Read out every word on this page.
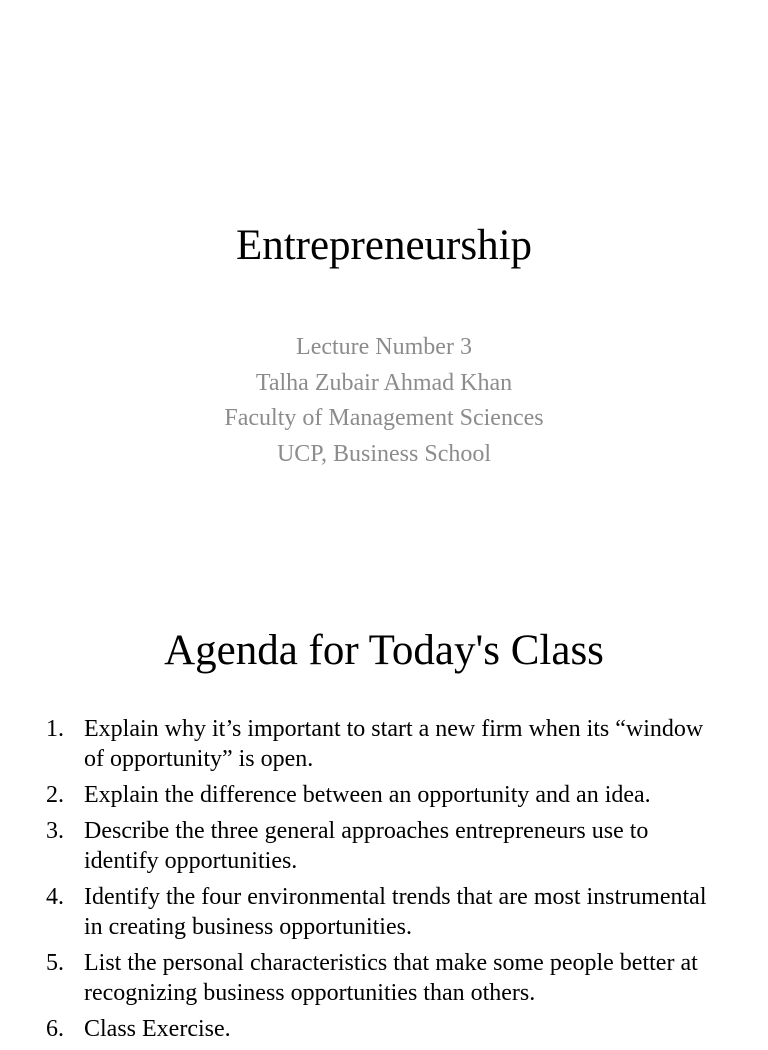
Entrepreneurship
Lecture Number 3
Talha Zubair Ahmad Khan
Faculty of Management Sciences
UCP, Business School
Agenda for Today's Class
1. Explain why it’s important to start a new firm when its “window of opportunity” is open.
2. Explain the difference between an opportunity and an idea.
3. Describe the three general approaches entrepreneurs use to identify opportunities.
4. Identify the four environmental trends that are most instrumental in creating business opportunities.
5. List the personal characteristics that make some people better at recognizing business opportunities than others.
6. Class Exercise.
